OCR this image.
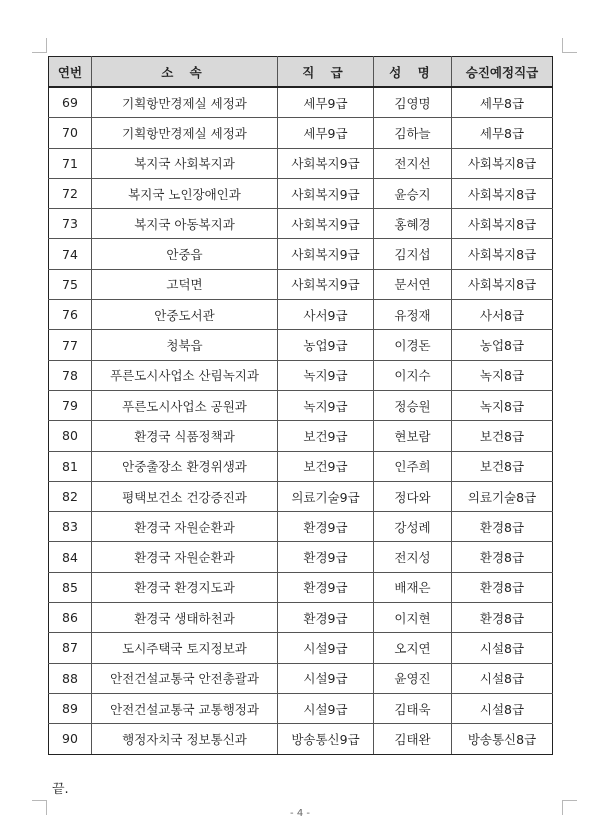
연번	소 속	직 급	성 명	승진예정직급
69	기획항만경제실 세정과	세무9급	김영명	세무8급
70	기획항만경제실 세정과	세무9급	김하늘	세무8급
71	복지국 사회복지과	사회복지9급	전지선	사회복지8급
72	복지국 노인장애인과	사회복지9급	윤승지	사회복지8급
73	복지국 아동복지과	사회복지9급	홍혜경	사회복지8급
74	안중읍	사회복지9급	김지섭	사회복지8급
75	고덕면	사회복지9급	문서연	사회복지8급
76	안중도서관	사서9급	유정재	사서8급
77	청북읍	농업9급	이경돈	농업8급
78	푸른도시사업소 산림녹지과	녹지9급	이지수	녹지8급
79	푸른도시사업소 공원과	녹지9급	정승원	녹지8급
80	환경국 식품정책과	보건9급	현보람	보건8급
81	안중출장소 환경위생과	보건9급	인주희	보건8급
82	평택보건소 건강증진과	의료기술9급	정다와	의료기술8급
83	환경국 자원순환과	환경9급	강성례	환경8급
84	환경국 자원순환과	환경9급	전지성	환경8급
85	환경국 환경지도과	환경9급	배재은	환경8급
86	환경국 생태하천과	환경9급	이지현	환경8급
87	도시주택국 토지정보과	시설9급	오지연	시설8급
88	안전건설교통국 안전총괄과	시설9급	윤영진	시설8급
89	안전건설교통국 교통행정과	시설9급	김태욱	시설8급
90	행정자치국 정보통신과	방송통신9급	김태완	방송통신8급
끝.
- 4 -
